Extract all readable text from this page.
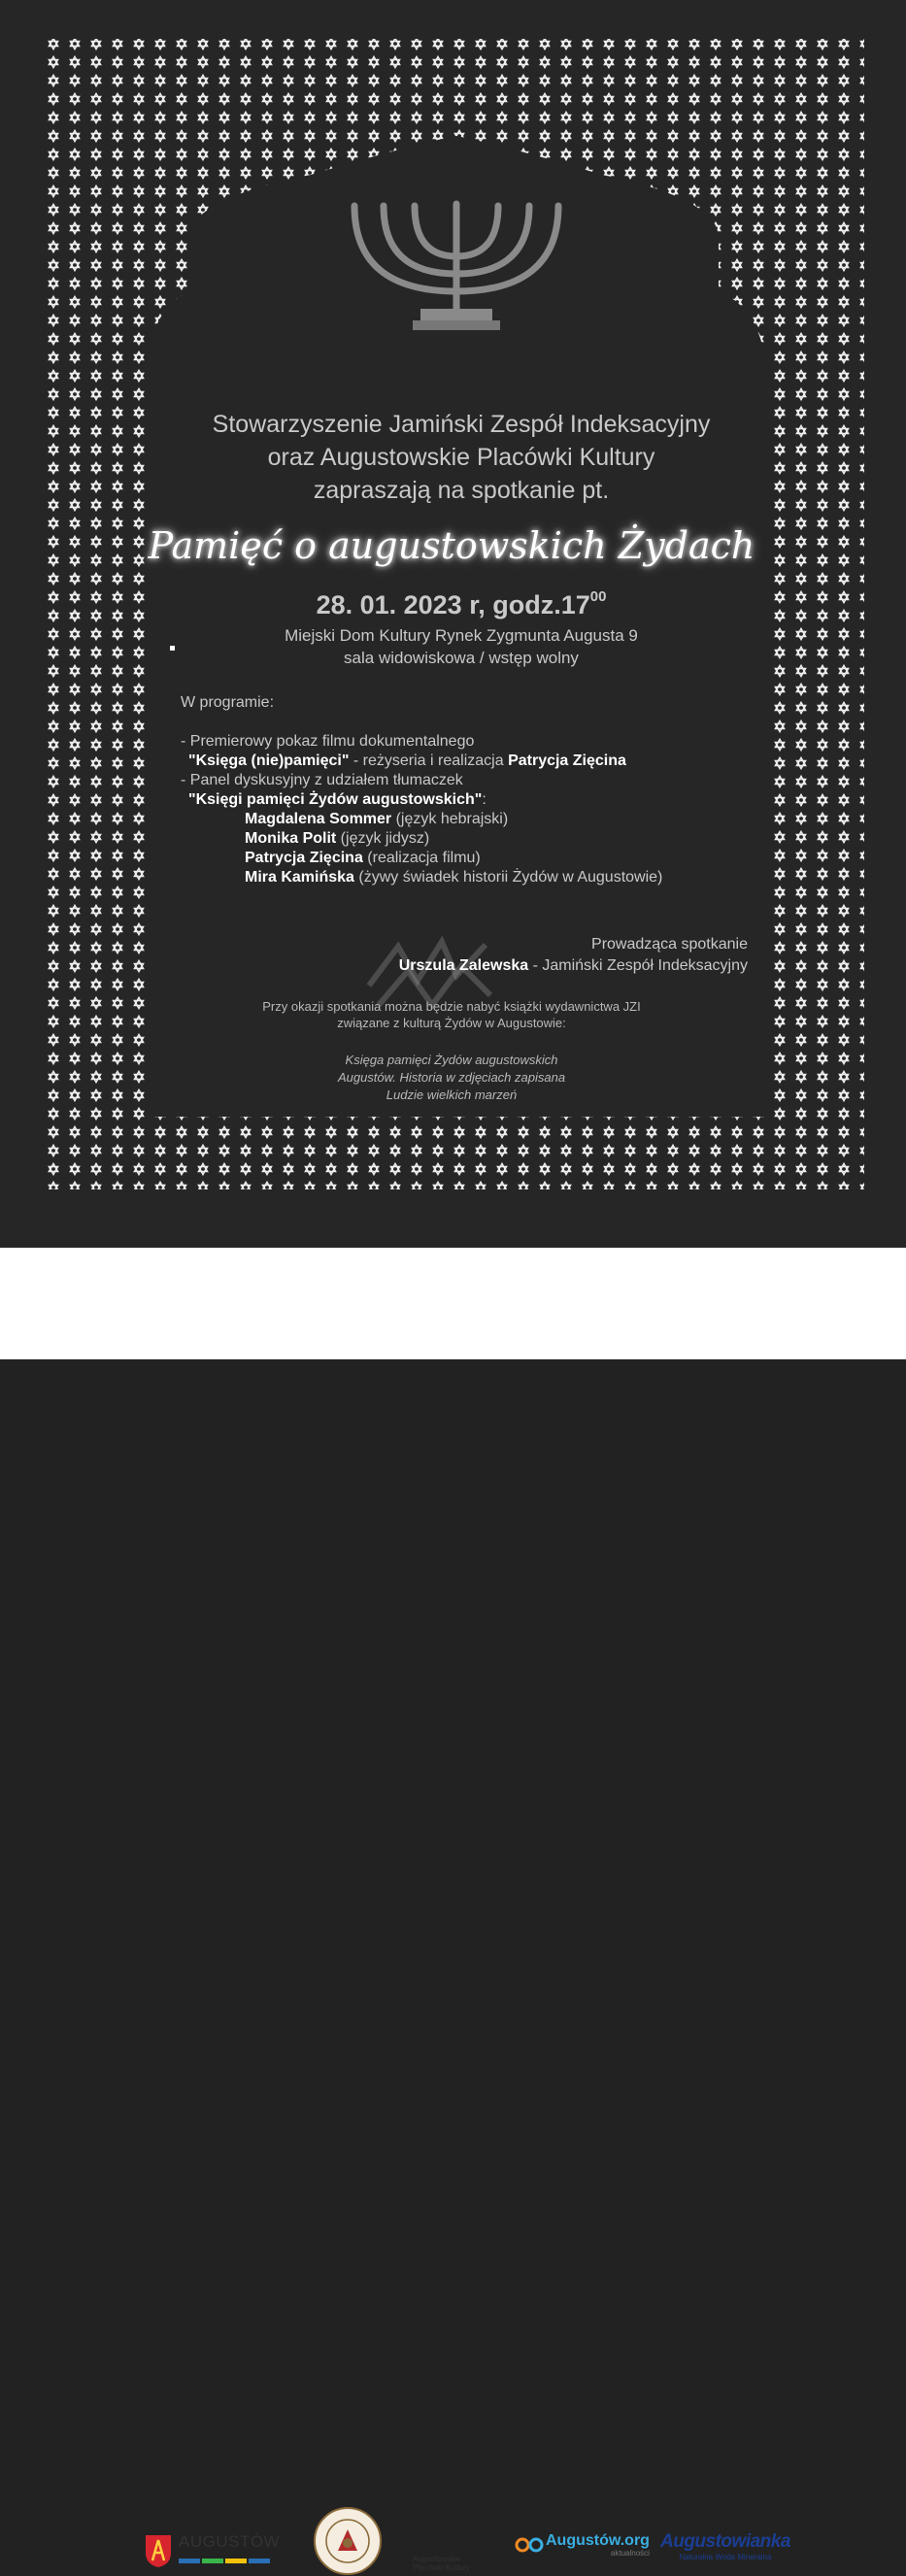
Stowarzyszenie Jamiński Zespół Indeksacyjny
oraz Augustowskie Placówki Kultury
zapraszają na spotkanie pt.
Pamięć o augustowskich Żydach
28. 01. 2023 r, $godz.17^{00}$
Miejski Dom Kultury Rynek Zygmunta Augusta 9
sala widowiskowa / wstęp wolny
W programie:
- Premierowy pokaz filmu dokumentalnego
"Księga (nie)pamięci" - reżyseria i realizacja Patrycja Zięcina
- Panel dyskusyjny z udziałem tłumaczek
"Księgi pamięci Żydów augustowskich":
Magdalena Sommer (język hebrajski)
Monika Polit (język jidysz)
Patrycja Zięcina (realizacja filmu)
Mira Kamińska (żywy świadek historii Żydów w Augustowie)
Prowadząca spotkanie
Urszula Zalewska - Jamiński Zespół Indeksacyjny
Przy okazji spotkania można będzie nabyć książki wydawnictwa JZI
związane z kulturą Żydów w Augustowie:
Księga pamięci Żydów augustowskich
Augustów. Historia w zdjęciach zapisana
Ludzie wielkich marzeń
AUGUSTÓW	APK
Augustowskie
Placówki Kultury
Augustów.org
aktualności
Augustowianka
Naturalna Woda Mineralna
